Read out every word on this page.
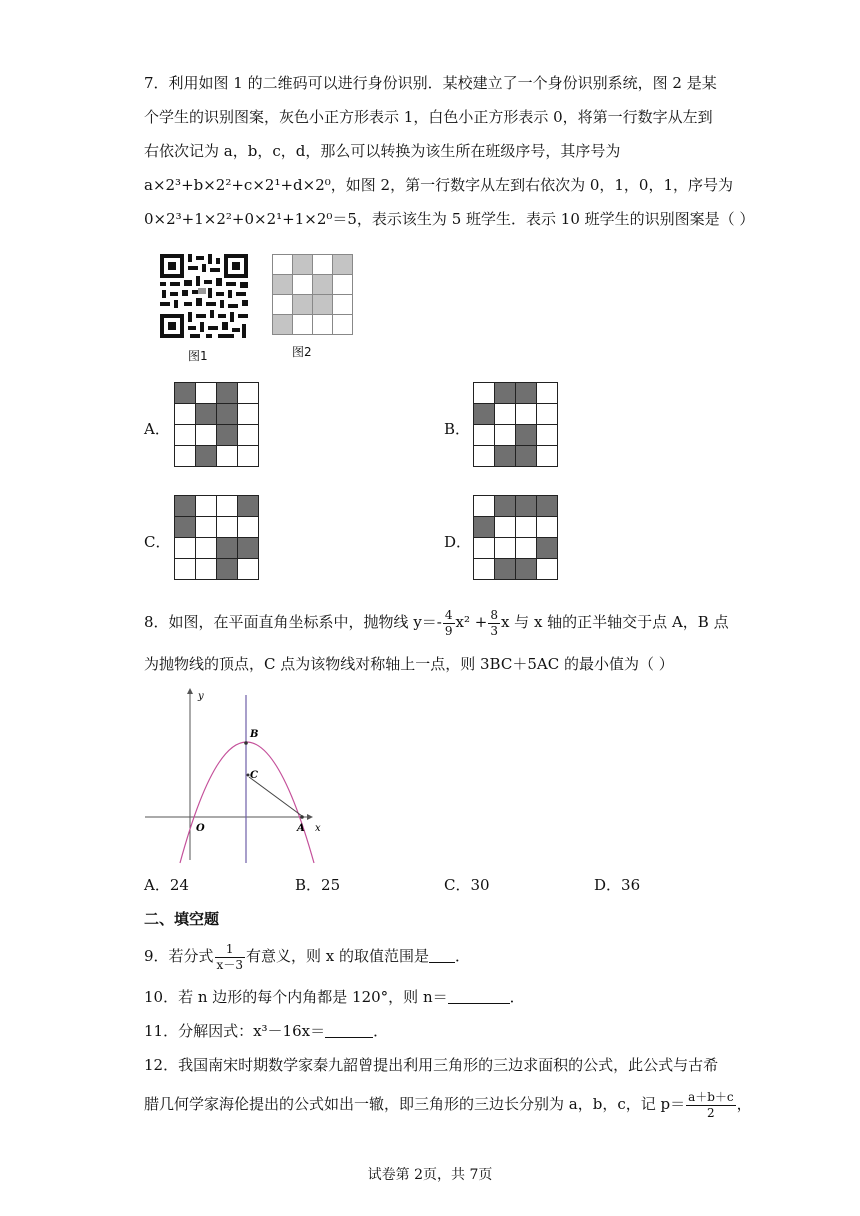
7．利用如图 1 的二维码可以进行身份识别．某校建立了一个身份识别系统，图 2 是某
个学生的识别图案，灰色小正方形表示 1，白色小正方形表示 0，将第一行数字从左到
右依次记为 a，b，c，d，那么可以转换为该生所在班级序号，其序号为
a×2³+b×2²+c×2¹+d×2⁰，如图 2，第一行数字从左到右依次为 0，1，0，1，序号为
0×2³+1×2²+0×2¹+1×2⁰＝5，表示该生为 5 班学生．表示 10 班学生的识别图案是（ ）
图1	图2
A．	B．
C．	D．
8．如图，在平面直角坐标系中，抛物线 $y=- \frac{4}{9} x^2 + \frac{8}{3}$ x 与 x 轴的正半轴交于点 A，B 点
为抛物线的顶点，C 点为该物线对称轴上一点，则 3BC＋5AC 的最小值为（ ）
y
x
O	A
B
C
A．24	B．25	C．30	D．36
二、填空题
9．若分式 $\frac{1}{x-3}$ 有意义，则 x 的取值范围是 ．
10．若 n 边形的每个内角都是 120°，则 n＝	．
11．分解因式：x³－16x＝	．
12．我国南宋时期数学家秦九韶曾提出利用三角形的三边求面积的公式，此公式与古希
腊几何学家海伦提出的公式如出一辙，即三角形的三边长分别为 a，b，c，记 $p= \frac{a+b+c}{2}$ ，
试卷第 2页，共 7页
